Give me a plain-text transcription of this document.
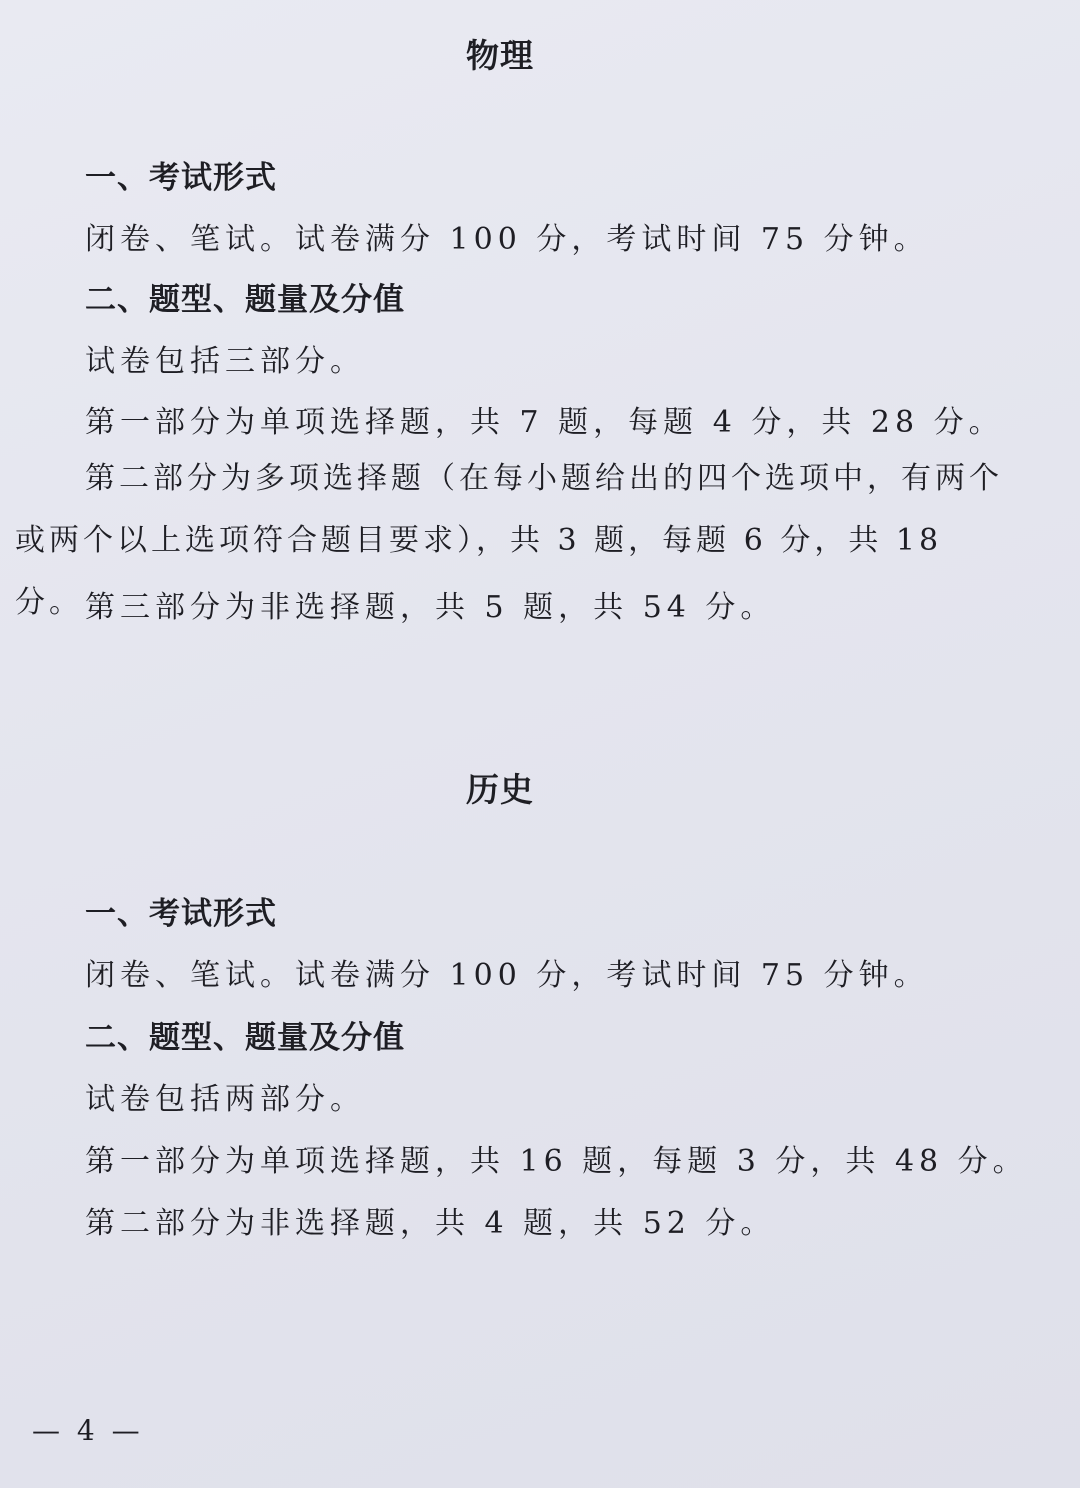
物理
一、考试形式

闭卷、笔试。试卷满分 100 分，考试时间 75 分钟。

二、题型、题量及分值

试卷包括三部分。

第一部分为单项选择题，共 7 题，每题 4 分，共 28 分。

第二部分为多项选择题（在每小题给出的四个选项中，有两个或两个以上选项符合题目要求），共 3 题，每题 6 分，共 18 分。 第三部分为非选择题，共 5 题，共 54 分。

历史
一、考试形式

闭卷、笔试。试卷满分 100 分，考试时间 75 分钟。

二、题型、题量及分值

试卷包括两部分。

第一部分为单项选择题，共 16 题，每题 3 分，共 48 分。

第二部分为非选择题，共 4 题，共 52 分。

— 4 —
